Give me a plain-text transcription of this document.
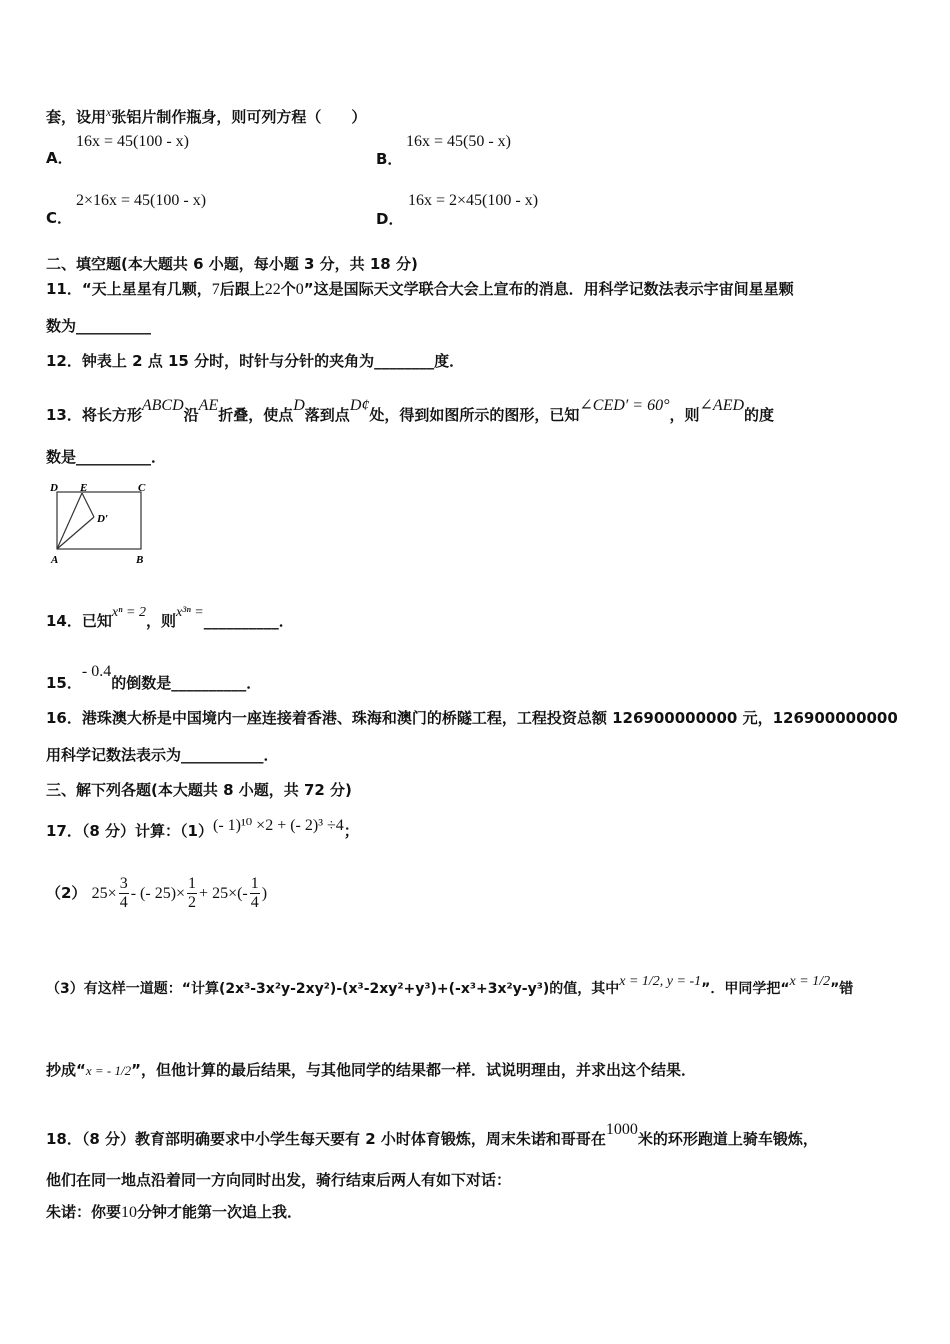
套，设用$^x$张铝片制作瓶身，则可列方程（　　）
A．
16x = 45(100 - x)
B．
16x = 45(50 - x)
C．
2×16x = 45(100 - x)
D．
16x = 2×45(100 - x)
二、填空题(本大题共 6 小题，每小题 3 分，共 18 分)
11．“天上星星有几颗，7后跟上22个0”这是国际天文学联合大会上宣布的消息．用科学记数法表示宇宙间星星颗
数为__________
12．钟表上 2 点 15 分时，时针与分针的夹角为________度．
13．将长方形ABCD沿AE折叠，使点D落到点D¢处，得到如图所示的图形，已知∠CED′ = 60°，则∠AED的度
数是__________．
D E	C
D′
A	B
14．已知xⁿ = 2，则x³ⁿ =__________．
15．- 0.4的倒数是__________．
16．港珠澳大桥是中国境内一座连接着香港、珠海和澳门的桥隧工程，工程投资总额 126900000000 元，126900000000
用科学记数法表示为___________．
三、解下列各题(本大题共 8 小题，共 72 分)
17．（8 分）计算：（1）(- 1)¹⁰ ×2 + (- 2)³ ÷4；
（2） $25\times \frac{3}{4}$ - (- $25)\times \frac{1}{2} + 25\times(- \frac{1}{4}$ )
（3）有这样一道题：“计算(2x³-3x²y-2xy²)-(x³-2xy²+y³)+(-x³+3x²y-y³)的值，其中x = 1/2, y = -1”．甲同学把“x = 1/2”错
抄成“x = - 1/2”，但他计算的最后结果，与其他同学的结果都一样．试说明理由，并求出这个结果．
18．（8 分）教育部明确要求中小学生每天要有 2 小时体育锻炼，周末朱诺和哥哥在1000米的环形跑道上骑车锻炼，
他们在同一地点沿着同一方向同时出发，骑行结束后两人有如下对话：
朱诺：你要10分钟才能第一次追上我．
